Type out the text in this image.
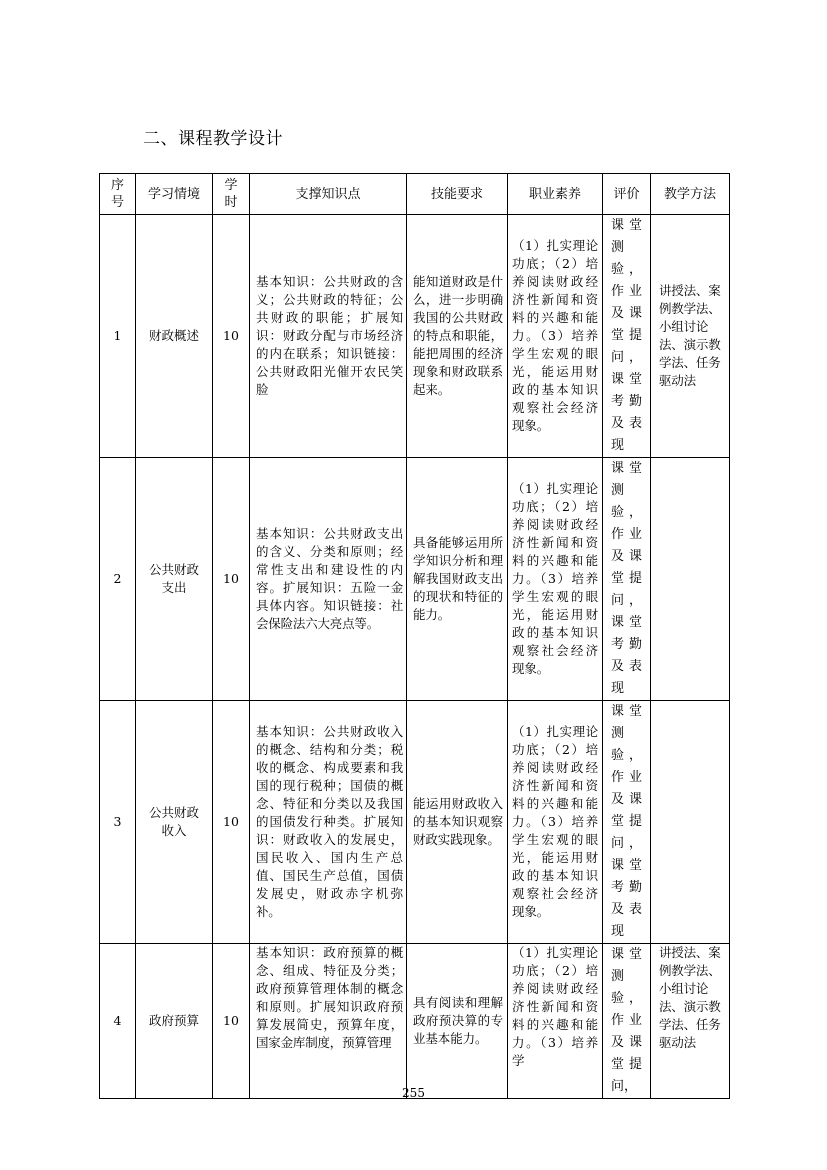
二、课程教学设计
序号	学习情境	学时	支撑知识点	技能要求	职业素养	评价	教学方法
1	财政概述	10	基本知识：公共财政的含义；公共财政的特征；公共财政的职能；扩展知识：财政分配与市场经济的内在联系；知识链接：公共财政阳光催开农民笑脸	能知道财政是什么，进一步明确我国的公共财政的特点和职能，能把周围的经济现象和财政联系起来。	（1）扎实理论功底；（2）培养阅读财政经济性新闻和资料的兴趣和能力。（3）培养学生宏观的眼光，能运用财政的基本知识观察社会经济现象。	课堂测验，作业及课堂提问，课堂考勤及表现	讲授法、案例教学法、小组讨论法、演示教学法、任务驱动法
2	公共财政支出	10	基本知识：公共财政支出的含义、分类和原则；经常性支出和建设性的内容。扩展知识：五险一金具体内容。知识链接：社会保险法六大亮点等。	具备能够运用所学知识分析和理解我国财政支出的现状和特征的能力。	（1）扎实理论功底；（2）培养阅读财政经济性新闻和资料的兴趣和能力。（3）培养学生宏观的眼光，能运用财政的基本知识观察社会经济现象。	课堂测验，作业及课堂提问，课堂考勤及表现	
3	公共财政收入	10	基本知识：公共财政收入的概念、结构和分类；税收的概念、构成要素和我国的现行税种；国债的概念、特征和分类以及我国的国债发行种类。扩展知识：财政收入的发展史，国民收入、国内生产总值、国民生产总值，国债发展史，财政赤字机弥补。	能运用财政收入的基本知识观察财政实践现象。	（1）扎实理论功底；（2）培养阅读财政经济性新闻和资料的兴趣和能力。（3）培养学生宏观的眼光，能运用财政的基本知识观察社会经济现象。	课堂测验，作业及课堂提问，课堂考勤及表现	
4	政府预算	10	基本知识：政府预算的概念、组成、特征及分类；政府预算管理体制的概念和原则。扩展知识政府预算发展简史，预算年度，国家金库制度，预算管理	具有阅读和理解政府预决算的专业基本能力。	（1）扎实理论功底；（2）培养阅读财政经济性新闻和资料的兴趣和能力。（3）培养学	课堂测验，作业及课堂提问，	讲授法、案例教学法、小组讨论法、演示教学法、任务驱动法
255
